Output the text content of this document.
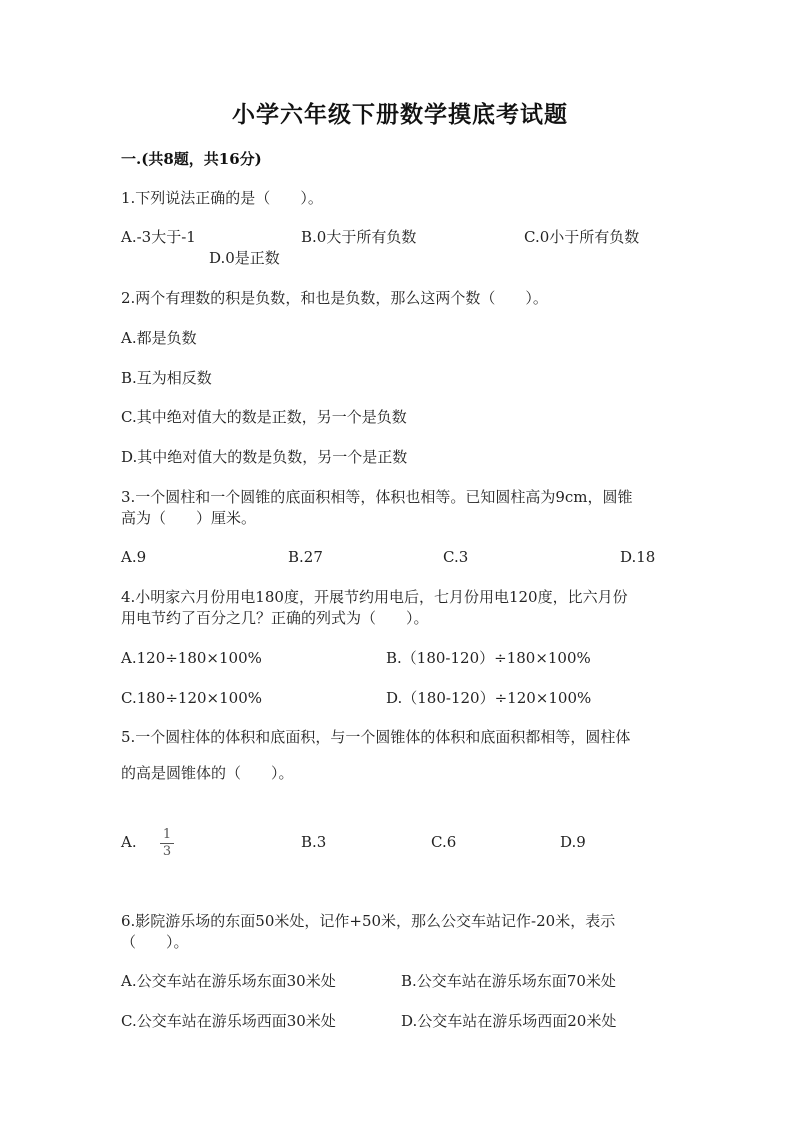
小学六年级下册数学摸底考试题
一.(共8题，共16分)
1.下列说法正确的是（　　）。
A.-3大于-1	B.0大于所有负数	C.0小于所有负数
D.0是正数
2.两个有理数的积是负数，和也是负数，那么这两个数（　　）。
A.都是负数
B.互为相反数
C.其中绝对值大的数是正数，另一个是负数
D.其中绝对值大的数是负数，另一个是正数
3.一个圆柱和一个圆锥的底面积相等，体积也相等。已知圆柱高为9cm，圆锥
高为（　　）厘米。
A.9	B.27	C.3	D.18
4.小明家六月份用电180度，开展节约用电后，七月份用电120度，比六月份
用电节约了百分之几？正确的列式为（　　）。
A.120÷180×100%	B.（180-120）÷180×100%
C.180÷120×100%	D.（180-120）÷120×100%
5.一个圆柱体的体积和底面积，与一个圆锥体的体积和底面积都相等，圆柱体
的高是圆锥体的（　　）。
A. 1
3
B.3	C.6	D.9
6.影院游乐场的东面50米处，记作+50米，那么公交车站记作-20米，表示
（　　）。
A.公交车站在游乐场东面30米处	B.公交车站在游乐场东面70米处
C.公交车站在游乐场西面30米处	D.公交车站在游乐场西面20米处
